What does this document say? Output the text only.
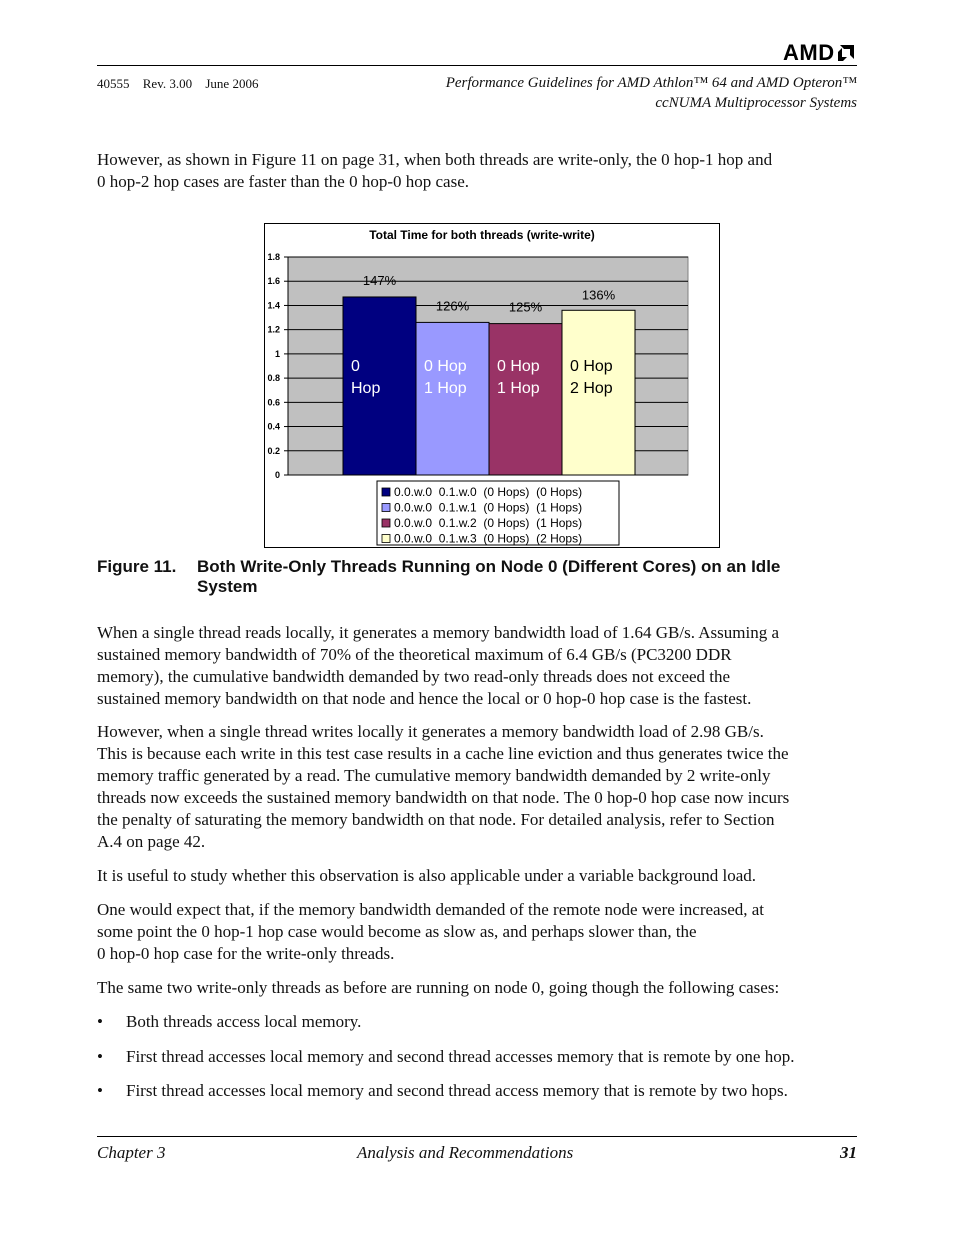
AMD
40555 Rev. 3.00 June 2006	Performance Guidelines for AMD Athlon™ 64 and AMD Opteron™
ccNUMA Multiprocessor Systems
However, as shown in Figure 11 on page 31, when both threads are write-only, the 0 hop-1 hop and
0 hop-2 hop cases are faster than the 0 hop-0 hop case.
Total Time for both threads (write-write)
0
0.2
0.4
0.6
0.8
1
1.2
1.4
1.6
1.8
147%
0
Hop
126%
0 Hop
1 Hop
125%
0 Hop
1 Hop
136%
0 Hop
2 Hop
0.0.w.0  0.1.w.0  (0 Hops)  (0 Hops)
0.0.w.0  0.1.w.1  (0 Hops)  (1 Hops)
0.0.w.0  0.1.w.2  (0 Hops)  (1 Hops)
0.0.w.0  0.1.w.3  (0 Hops)  (2 Hops)
Figure 11. Both Write-Only Threads Running on Node 0 (Different Cores) on an Idle
System
When a single thread reads locally, it generates a memory bandwidth load of 1.64 GB/s. Assuming a
sustained memory bandwidth of 70% of the theoretical maximum of 6.4 GB/s (PC3200 DDR
memory), the cumulative bandwidth demanded by two read-only threads does not exceed the
sustained memory bandwidth on that node and hence the local or 0 hop-0 hop case is the fastest.
However, when a single thread writes locally it generates a memory bandwidth load of 2.98 GB/s.
This is because each write in this test case results in a cache line eviction and thus generates twice the
memory traffic generated by a read. The cumulative memory bandwidth demanded by 2 write-only
threads now exceeds the sustained memory bandwidth on that node. The 0 hop-0 hop case now incurs
the penalty of saturating the memory bandwidth on that node. For detailed analysis, refer to Section
A.4 on page 42.
It is useful to study whether this observation is also applicable under a variable background load.
One would expect that, if the memory bandwidth demanded of the remote node were increased, at
some point the 0 hop-1 hop case would become as slow as, and perhaps slower than, the
0 hop-0 hop case for the write-only threads.
The same two write-only threads as before are running on node 0, going though the following cases:
• Both threads access local memory.
• First thread accesses local memory and second thread accesses memory that is remote by one hop.
• First thread accesses local memory and second thread access memory that is remote by two hops.
Chapter 3	Analysis and Recommendations	31
